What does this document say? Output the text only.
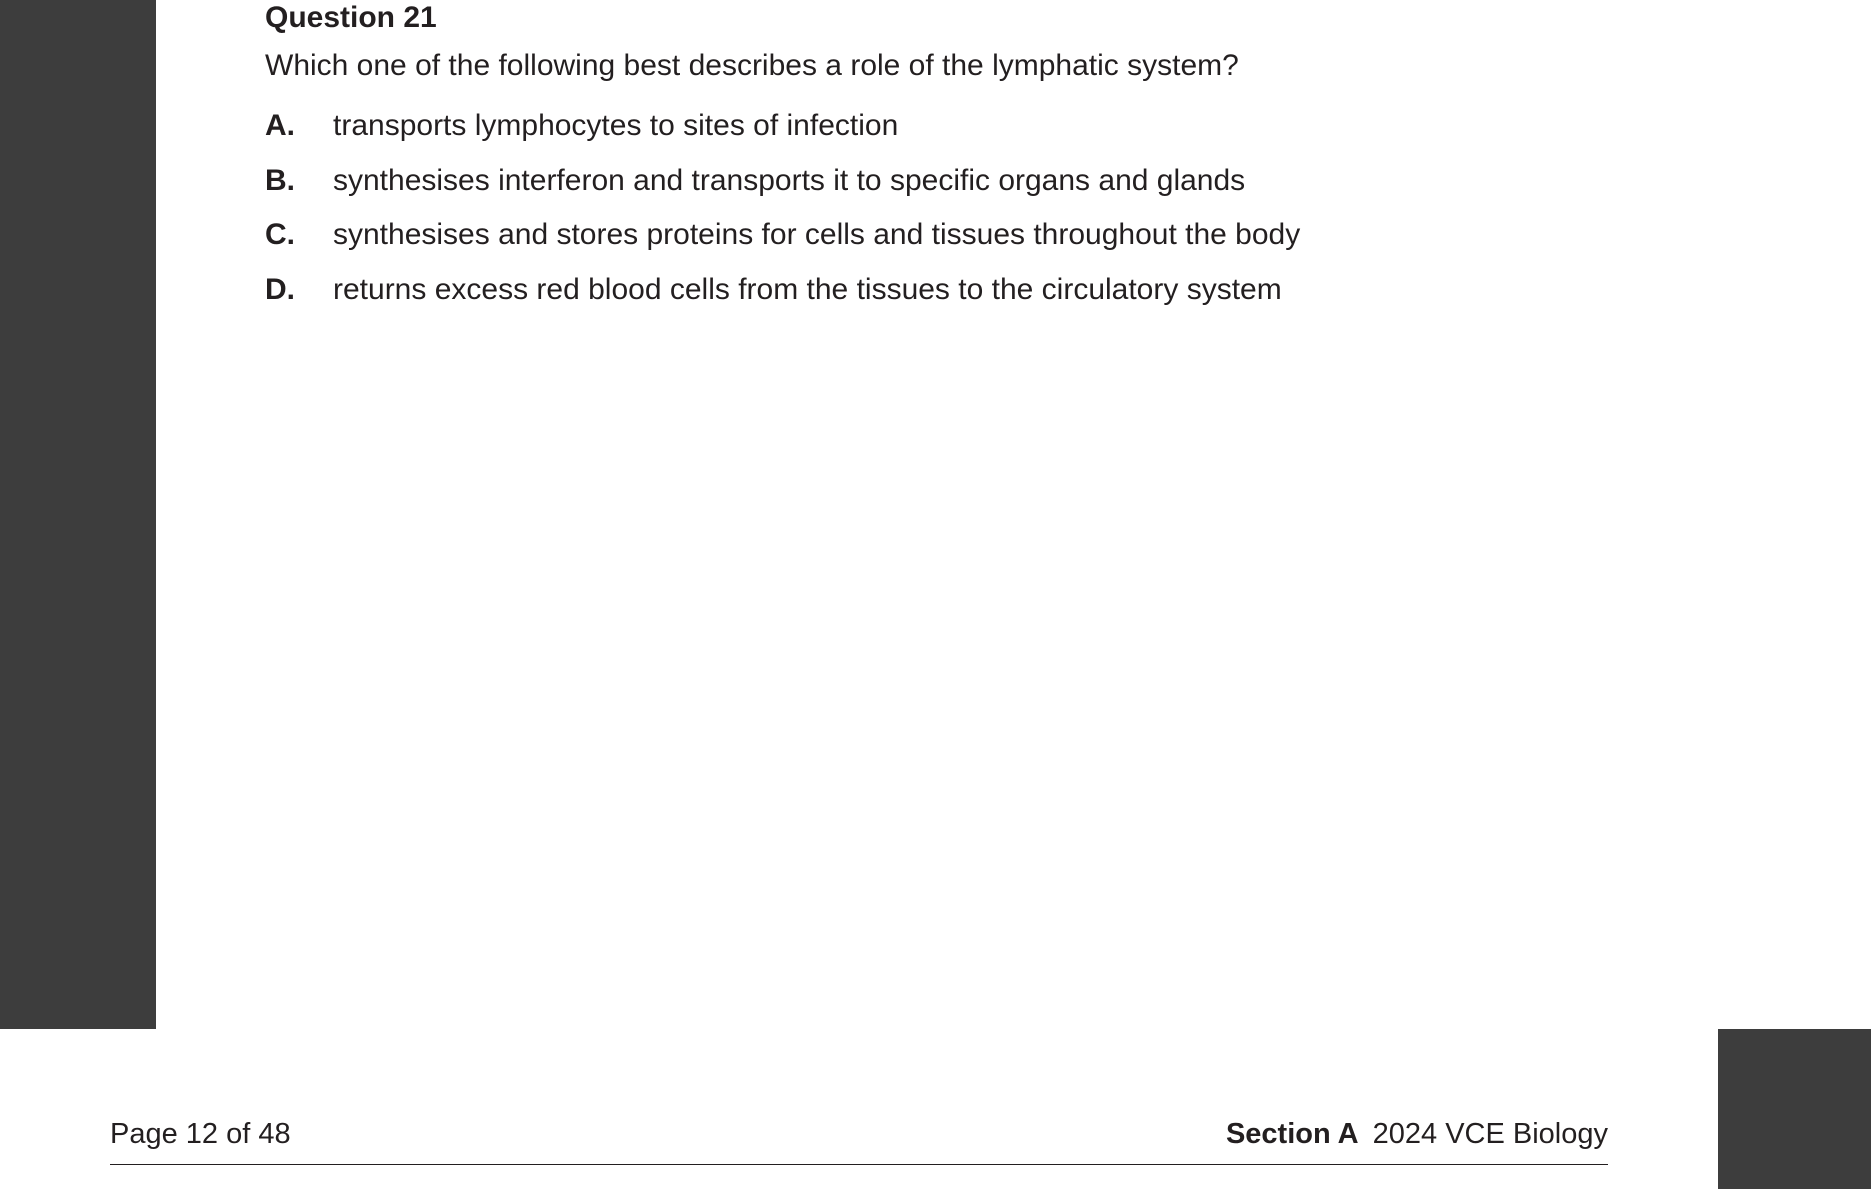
Question 21
Which one of the following best describes a role of the lymphatic system?
A. transports lymphocytes to sites of infection
B. synthesises interferon and transports it to specific organs and glands
C. synthesises and stores proteins for cells and tissues throughout the body
D. returns excess red blood cells from the tissues to the circulatory system
Page 12 of 48	Section A 2024 VCE Biology
